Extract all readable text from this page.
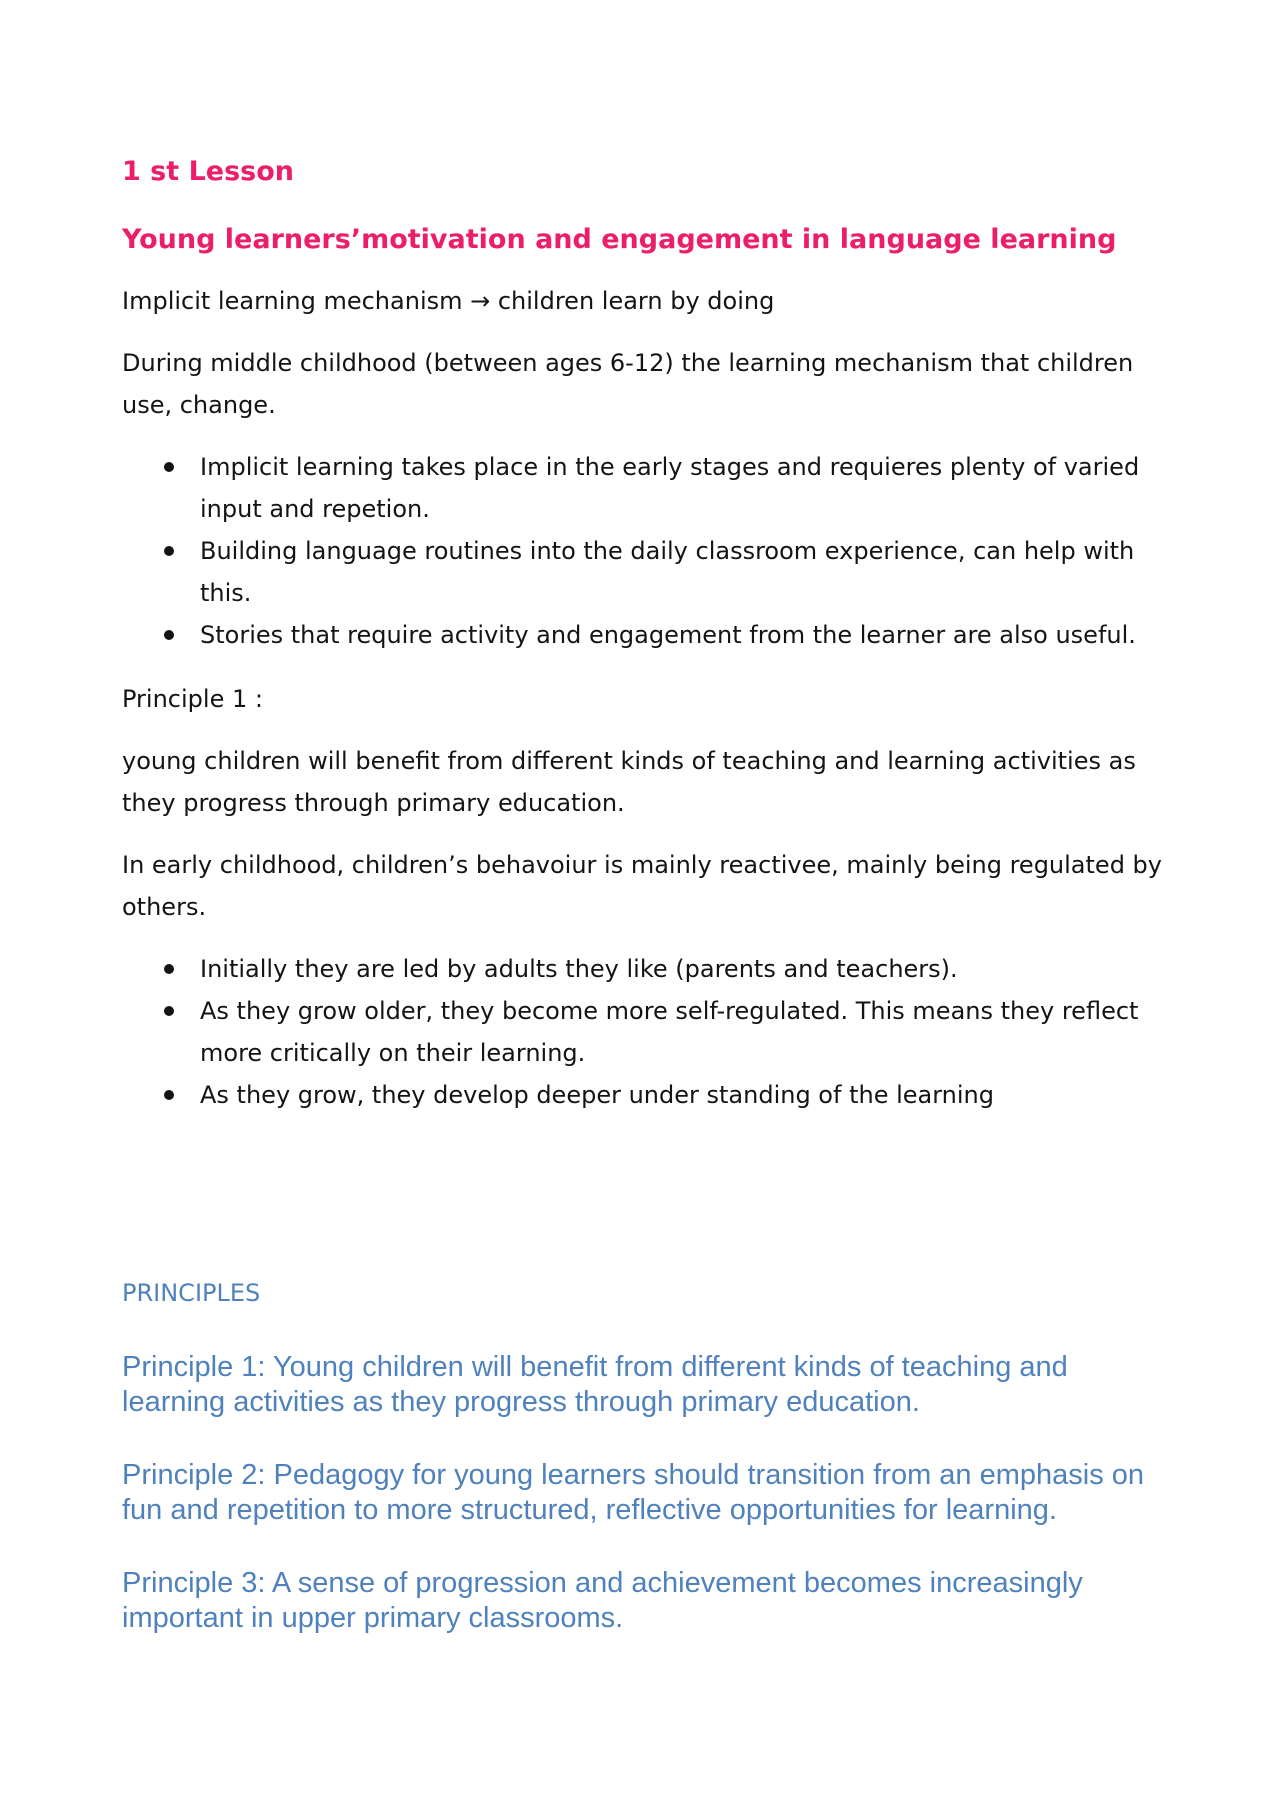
1 st Lesson
Young learners’motivation and engagement in language learning

Implicit learning mechanism → children learn by doing

During middle childhood (between ages 6-12) the learning mechanism that children use, change.

Implicit learning takes place in the early stages and requieres plenty of varied input and repetion.
Building language routines into the daily classroom experience, can help with this.
Stories that require activity and engagement from the learner are also useful.

Principle 1 :

young children will benefit from different kinds of teaching and learning activities as they progress through primary education.

In early childhood, children’s behavoiur is mainly reactivee, mainly being regulated by others.

Initially they are led by adults they like (parents and teachers).
As they grow older, they become more self-regulated. This means they reflect more critically on their learning.
As they grow, they develop deeper under standing of the learning
PRINCIPLES

Principle 1: Young children will benefit from different kinds of teaching and learning activities as they progress through primary education.

Principle 2: Pedagogy for young learners should transition from an emphasis on fun and repetition to more structured, reflective opportunities for learning.

Principle 3: A sense of progression and achievement becomes increasingly important in upper primary classrooms.
